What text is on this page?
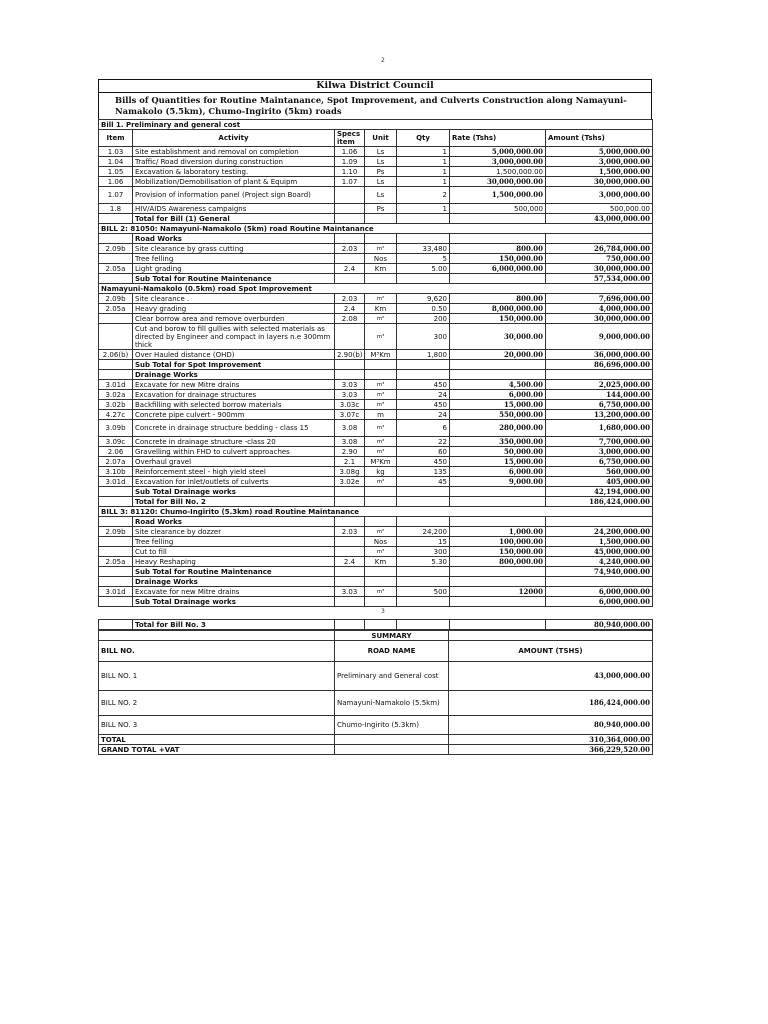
2
Kilwa District Council
Bills of Quantities for Routine Maintanance, Spot Improvement, and Culverts Construction along Namayuni-Namakolo (5.5km), Chumo-Ingirito (5km) roads
Bill 1. Preliminary and general cost						
Item	Activity	Specs item	Unit	Qty	Rate (Tshs)	Amount (Tshs)
1.03	Site establishment and removal on completion	1.06	Ls	1	5,000,000.00	5,000,000.00
1.04	Traffic/ Road diversion during construction	1.09	Ls	1	3,000,000.00	3,000,000.00
1.05	Excavation & laboratory testing.	1.10	Ps	1	1,500,000.00	1,500,000.00
1.06	Mobilization/Demobilisation of plant & Equipm	1.07	Ls	1	30,000,000.00	30,000,000.00
1.07	Provision of information panel (Project sign Board)		Ls	2	1,500,000.00	3,000,000.00
1.8	HIV/AIDS Awareness campaigns		Ps	1	500,000	500,000.00
	Total for Bill (1) General					43,000,000.00
BILL 2: 81050: Namayuni-Namakolo (5km) road Routine Maintanance						
	Road Works					
2.09b	Site clearance by grass cutting	2.03	m²	33,480	800.00	26,784,000.00
	Tree felling		Nos	5	150,000.00	750,000.00
2.05a	Light grading	2.4	Km	5.00	6,000,000.00	30,000,000.00
	Sub Total for Routine Maintenance					57,534,000.00
Namayuni-Namakolo (0.5km) road Spot Improvement						
2.09b	Site clearance .	2.03	m²	9,620	800.00	7,696,000.00
2.05a	Heavy grading	2.4	Km	0.50	8,000,000.00	4,000,000.00
	Clear borrow area and remove overburden	2.08	m²	200	150,000.00	30,000,000.00
	Cut and borow to fill gullies with selected materials as directed by Engineer and compact in layers n.e 300mm thick		m³	300	30,000.00	9,000,000.00
2.06(b)	Over Hauled distance (OHD)	2.90(b)	M³Km	1,800	20,000.00	36,000,000.00
	Sub Total for Spot Improvement					86,696,000.00
	Drainage Works					
3.01d	Excavate for new Mitre drains	3.03	m³	450	4,500.00	2,025,000.00
3.02a	Excavation for drainage structures	3.03	m³	24	6,000.00	144,000.00
3.02b	Backfilling with selected borrow materials	3.03c	m³	450	15,000.00	6,750,000.00
4.27c	Concrete pipe culvert - 900mm	3.07c	m	24	550,000.00	13,200,000.00
3.09b	Concrete in drainage structure bedding - class 15	3.08	m³	6	280,000.00	1,680,000.00
3.09c	Concrete in drainage structure -class 20	3.08	m³	22	350,000.00	7,700,000.00
2.06	Gravelling within FHD to culvert approaches	2.90	m³	60	50,000.00	3,000,000.00
2.07a	Overhaul gravel	2.1	M³Km	450	15,000.00	6,750,000.00
3.10b	Reinforcement steel - high yield steel	3.08g	kg	135	6,000.00	560,000.00
3.01d	Excavation for inlet/outlets of culverts	3.02e	m³	45	9,000.00	405,000.00
	Sub Total Drainage works					42,194,000.00
	Total for Bill No. 2					186,424,000.00
BILL 3: 81120: Chumo-Ingirito (5.3km) road Routine Maintanance						
	Road Works					
2.09b	Site clearance by dozzer	2.03	m²	24,200	1,000.00	24,200,000.00
	Tree felling		Nos	15	100,000.00	1,500,000.00
	Cut to fill		m³	300	150,000.00	45,000,000.00
2.05a	Heavy Reshaping	2.4	Km	5.30	800,000.00	4,240,000.00
	Sub Total for Routine Maintenance					74,940,000.00
	Drainage Works					
3.01d	Excavate for new Mitre drains	3.03	m³	500	12000	6,000,000.00
	Sub Total Drainage works					6,000,000.00
3
	Total for Bill No. 3					80,940,000.00
	SUMMARY	
BILL NO.	ROAD NAME	AMOUNT (TSHS)
BILL NO. 1	Preliminary and General cost	43,000,000.00
BILL NO. 2	Namayuni-Namakolo (5.5km)	186,424,000.00
BILL NO. 3	Chumo-Ingirito (5.3km)	80,940,000.00
TOTAL		310,364,000.00
GRAND TOTAL +VAT		366,229,520.00
